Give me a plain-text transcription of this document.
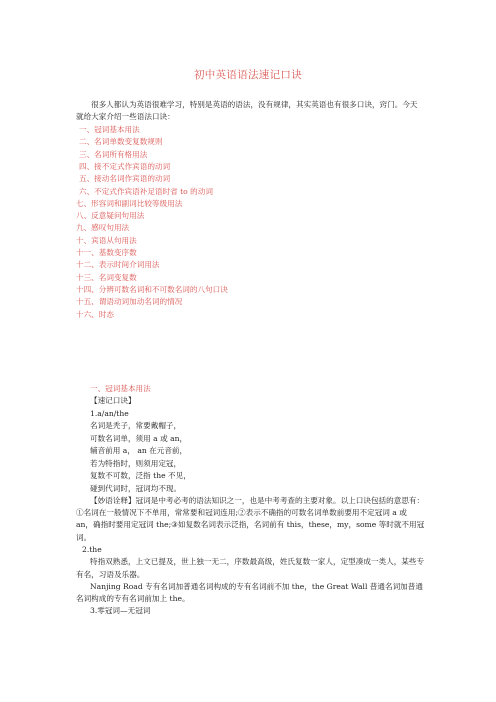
初中英语语法速记口诀
很多人都认为英语很难学习，特别是英语的语法，没有规律，其实英语也有很多口诀，窍门。今天就给大家介绍一些语法口诀：
一、冠词基本用法
二、名词单数变复数规则
三、名词所有格用法
四、接不定式作宾语的动词
五、接动名词作宾语的动词
六、不定式作宾语补足语时省 to 的动词
七、形容词和副词比较等级用法
八、反意疑问句用法
九、感叹句用法
十、宾语从句用法
十一、基数变序数
十二、表示时间介词用法
十三、名词变复数
十四、分辨可数名词和不可数名词的八句口诀
十五、谓语动词加动名词的情况
十六、时态
一、冠词基本用法
【速记口诀】
1.a/an/the
名词是秃子，常要戴帽子，
可数名词单，须用 a 或 an，
辅音前用 a， an 在元音前，
若为特指时，则须用定冠，
复数不可数，泛指 the 不见，
碰到代词时，冠词均不现。
【妙语诠释】冠词是中考必考的语法知识之一，也是中考考查的主要对象。以上口诀包括的意思有：①名词在一般情况下不单用，常常要和冠词连用;②表示不确指的可数名词单数前要用不定冠词 a 或 an，确指时要用定冠词 the;③如复数名词表示泛指，名词前有 this，these，my，some 等时就不用冠词。
2.the
特指双熟悉，上文已提及，世上独一无二，序数最高级，姓氏复数一家人，定型凑成一类人，某些专有名，习语及乐器。
Nanjing Road 专有名词加普通名词构成的专有名词前不加 the，the Great Wall 普通名词加普通名词构成的专有名词前加上 the。
3.零冠词—无冠词
